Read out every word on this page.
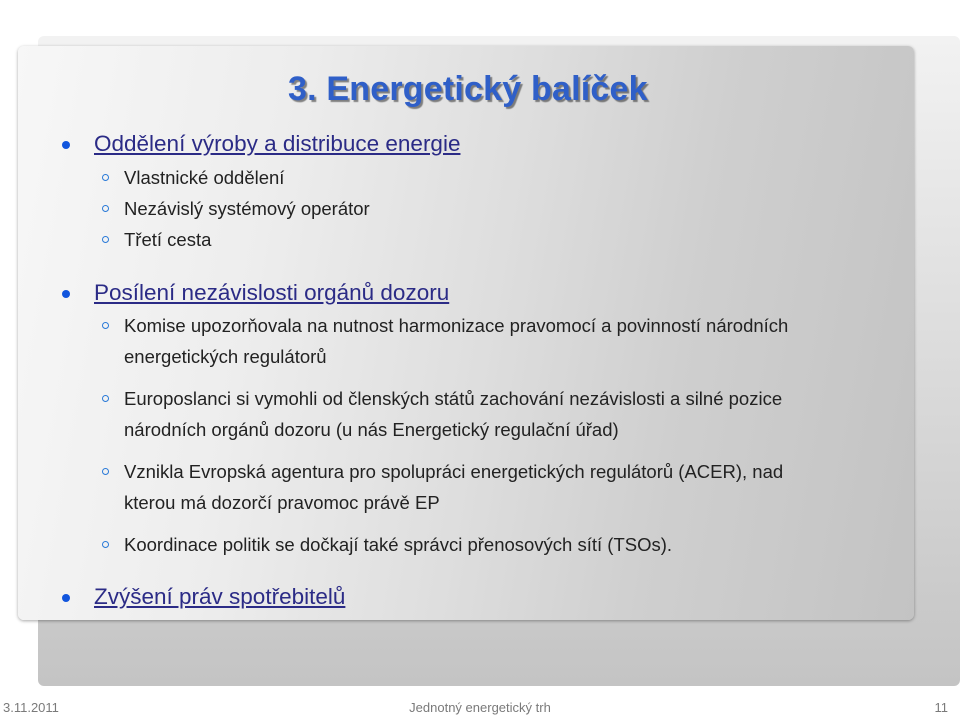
3. Energetický balíček
Oddělení výroby a distribuce energie
Vlastnické oddělení
Nezávislý systémový operátor
Třetí cesta
Posílení nezávislosti orgánů dozoru
Komise upozorňovala na nutnost harmonizace pravomocí a povinností národních energetických regulátorů
Europoslanci si vymohli od členských států zachování nezávislosti a silné pozice národních orgánů dozoru (u nás Energetický regulační úřad)
Vznikla Evropská agentura pro spolupráci energetických regulátorů (ACER), nad kterou má dozorčí pravomoc právě EP
Koordinace politik se dočkají také správci přenosových sítí (TSOs).
Zvýšení práv spotřebitelů
3.11.2011	Jednotný energetický trh	11
